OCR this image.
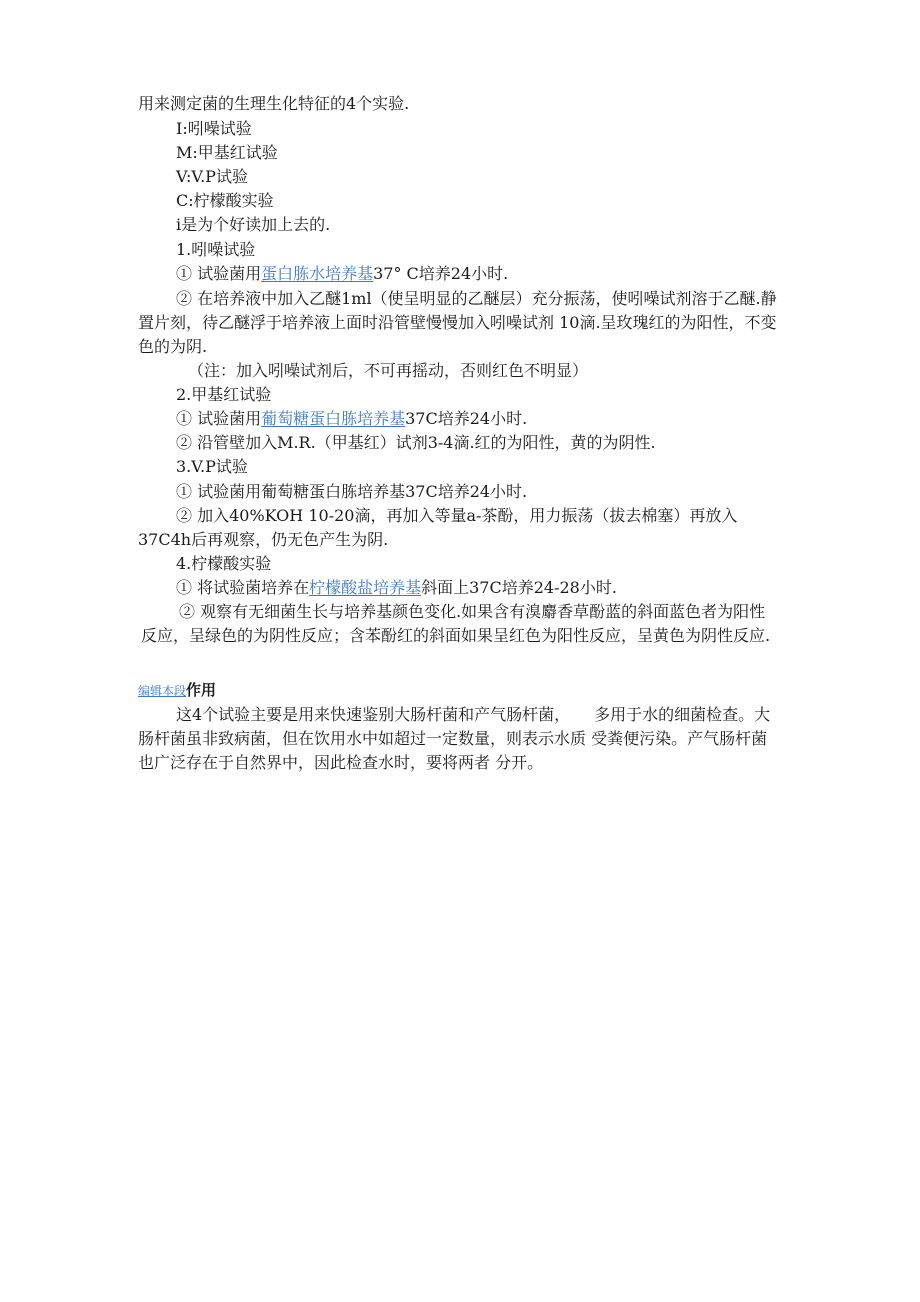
用来测定菌的生理生化特征的4个实验.
I:吲噪试验
M:甲基红试验
V:V.P试验
C:柠檬酸实验
i是为个好读加上去的.
1.吲噪试验
① 试验菌用蛋白胨水培养基37° C培养24小时.
② 在培养液中加入乙醚1ml（使呈明显的乙醚层）充分振荡，使吲噪试剂溶于乙醚.静置片刻，待乙醚浮于培养液上面时沿管壁慢慢加入吲噪试剂 10滴.呈玫瑰红的为阳性，不变色的为阴.
（注：加入吲噪试剂后，不可再摇动，否则红色不明显）
2.甲基红试验
① 试验菌用葡萄糖蛋白胨培养基37C培养24小时.
② 沿管壁加入M.R.（甲基红）试剂3-4滴.红的为阳性，黄的为阴性.
3.V.P试验
① 试验菌用葡萄糖蛋白胨培养基37C培养24小时.
② 加入40%KOH 10-20滴，再加入等量a-茶酚，用力振荡（拔去棉塞）再放入37C4h后再观察，仍无色产生为阴.
4.柠檬酸实验
① 将试验菌培养在柠檬酸盐培养基斜面上37C培养24-28小时.
② 观察有无细菌生长与培养基颜色变化.如果含有溴麝香草酚蓝的斜面蓝色者为阳性反应，呈绿色的为阴性反应；含苯酚红的斜面如果呈红色为阳性反应，呈黄色为阴性反应.
编辑本段作用
这4个试验主要是用来快速鉴别大肠杆菌和产气肠杆菌，　　多用于水的细菌检查。大肠杆菌虽非致病菌，但在饮用水中如超过一定数量，则表示水质 受粪便污染。产气肠杆菌也广泛存在于自然界中，因此检查水时，要将两者 分开。
